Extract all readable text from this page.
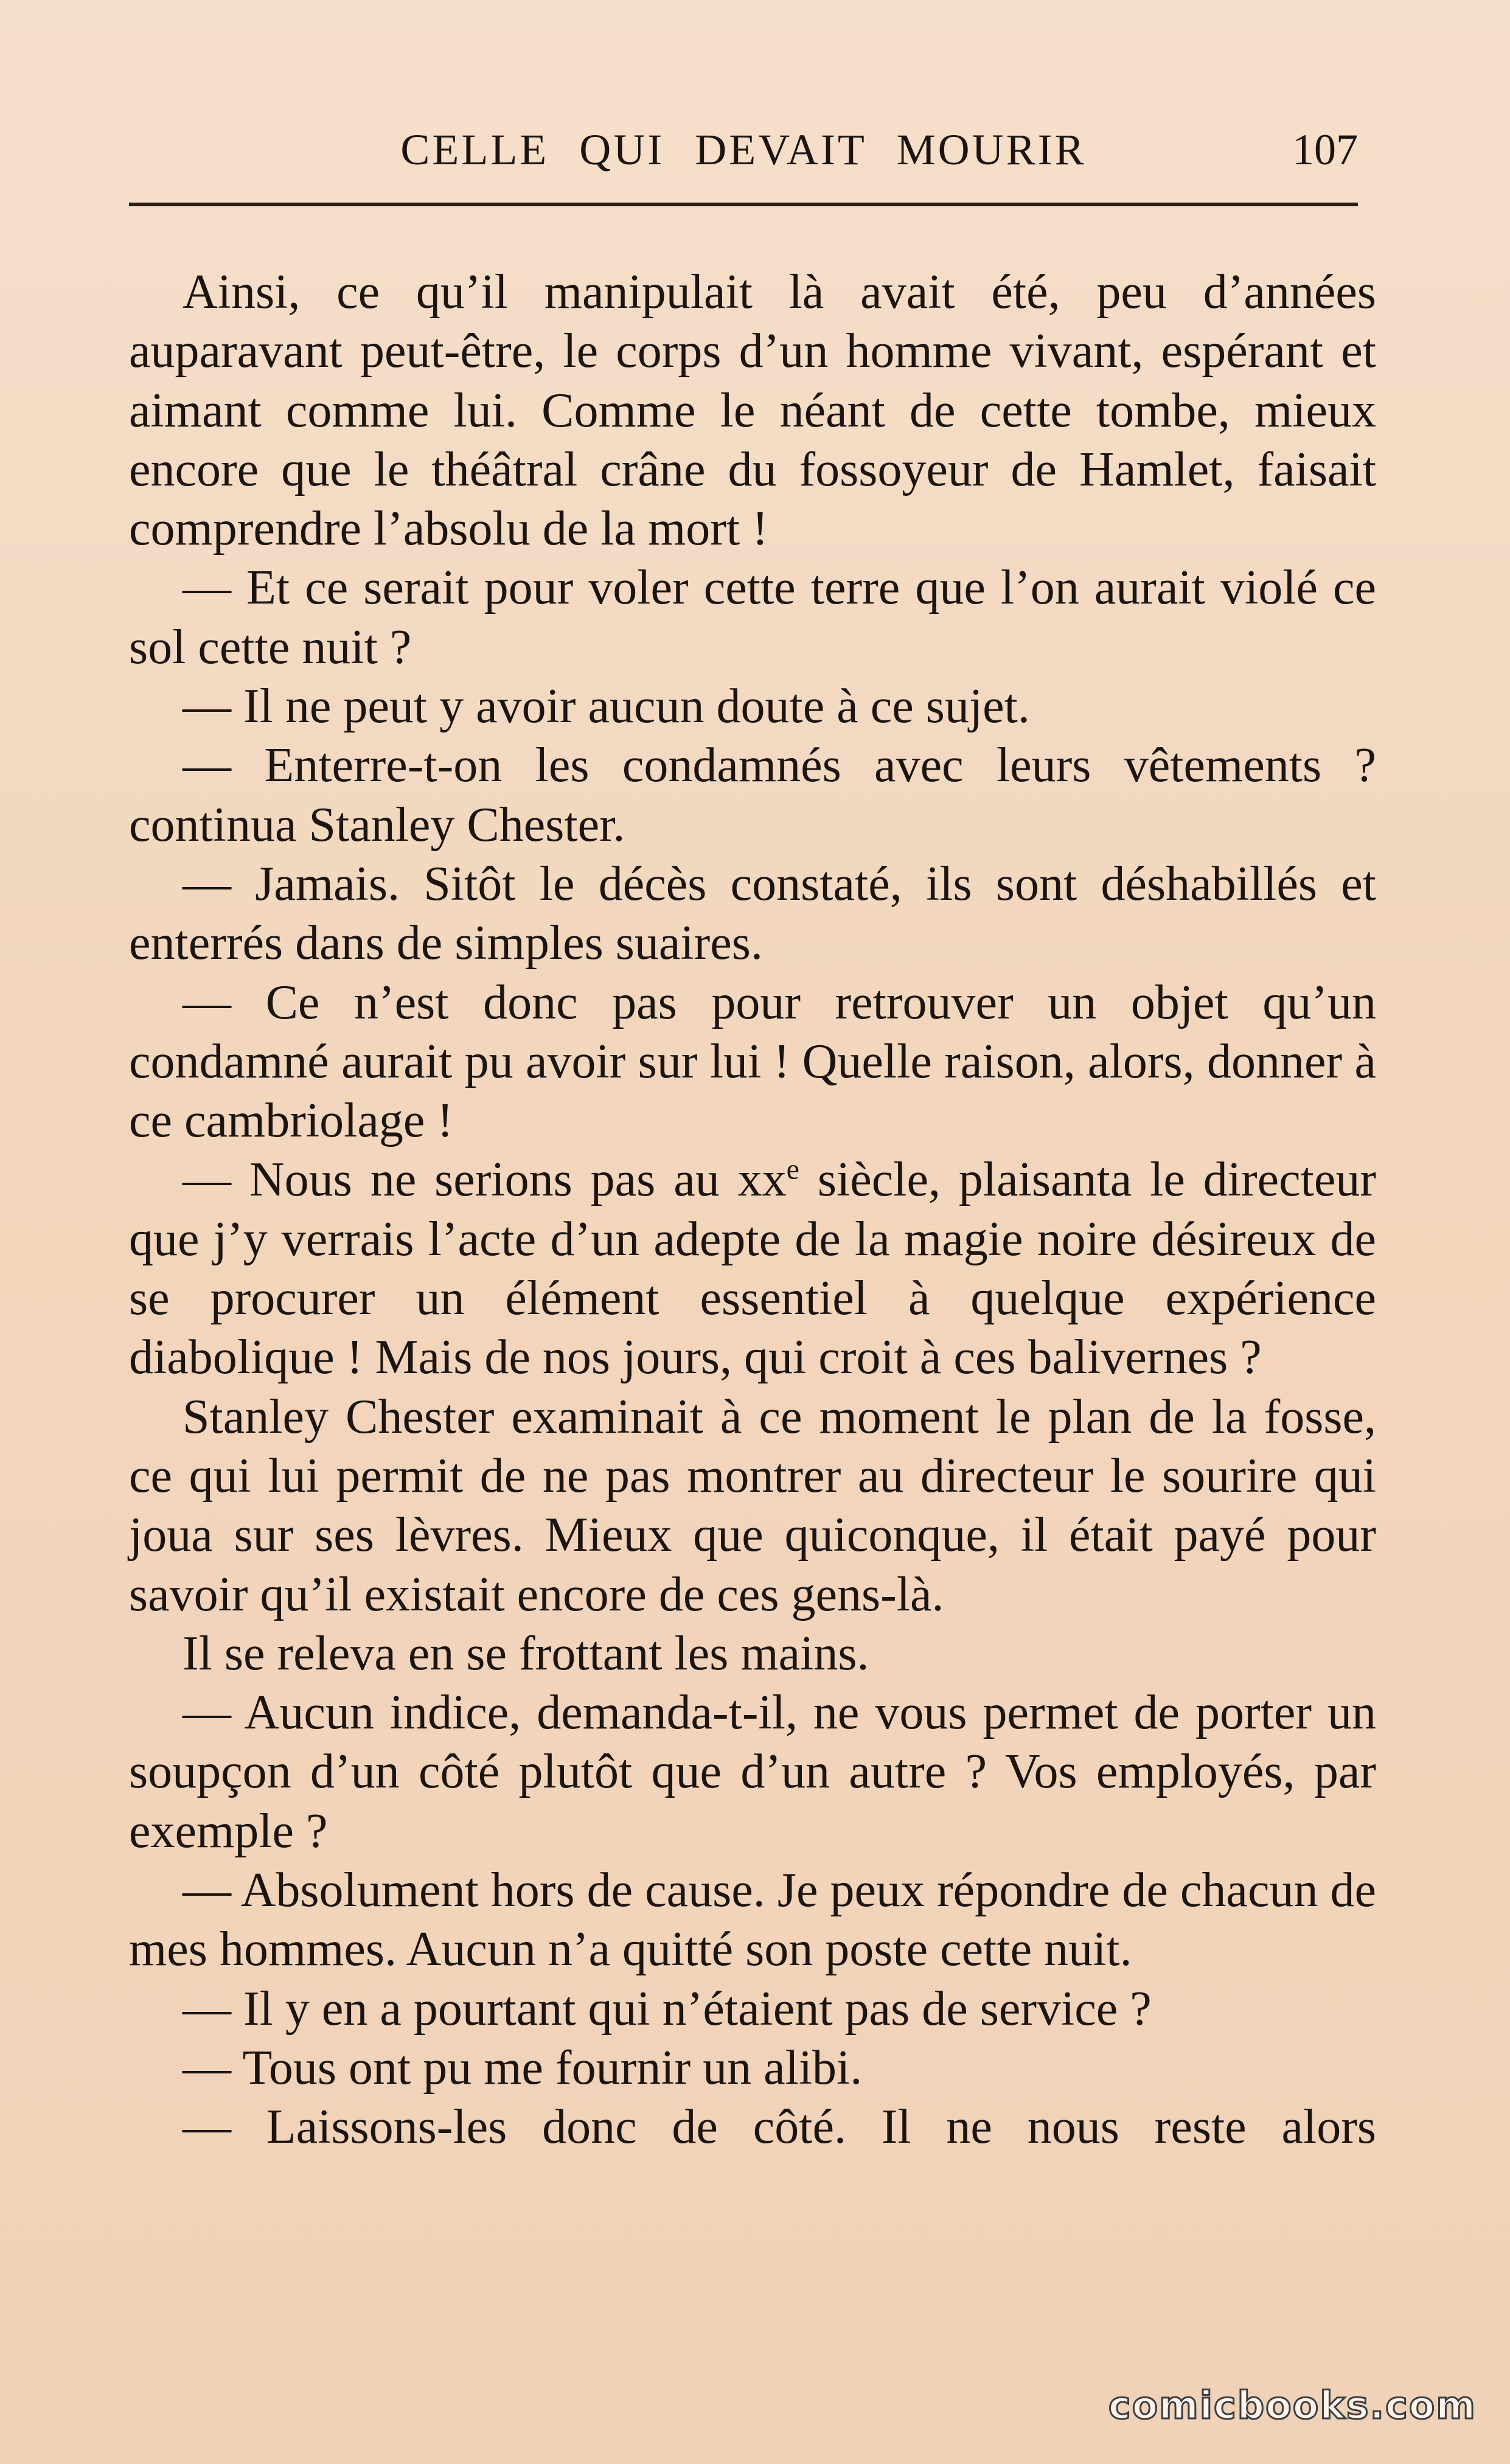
CELLE QUI DEVAIT MOURIR	107

Ainsi, ce qu’il manipulait là avait été, peu d’années auparavant peut-être, le corps d’un homme vivant, espérant et aimant comme lui. Comme le néant de cette tombe, mieux encore que le théâtral crâne du fossoyeur de Hamlet, faisait comprendre l’absolu de la mort !

— Et ce serait pour voler cette terre que l’on aurait violé ce sol cette nuit ?

— Il ne peut y avoir aucun doute à ce sujet.

— Enterre-t-on les condamnés avec leurs vêtements ? continua Stanley Chester.

— Jamais. Sitôt le décès constaté, ils sont déshabillés et enterrés dans de simples suaires.

— Ce n’est donc pas pour retrouver un objet qu’un condamné aurait pu avoir sur lui ! Quelle raison, alors, donner à ce cambriolage !

— Nous ne serions pas au $xx^e$ siècle, plaisanta le directeur que j’y verrais l’acte d’un adepte de la magie noire désireux de se procurer un élément essentiel à quelque expérience diabolique ! Mais de nos jours, qui croit à ces balivernes ?

Stanley Chester examinait à ce moment le plan de la fosse, ce qui lui permit de ne pas montrer au directeur le sourire qui joua sur ses lèvres. Mieux que quiconque, il était payé pour savoir qu’il existait encore de ces gens-là.

Il se releva en se frottant les mains.

— Aucun indice, demanda-t-il, ne vous permet de porter un soupçon d’un côté plutôt que d’un autre ? Vos employés, par exemple ?

— Absolument hors de cause. Je peux répondre de chacun de mes hommes. Aucun n’a quitté son poste cette nuit.

— Il y en a pourtant qui n’étaient pas de service ?

— Tous ont pu me fournir un alibi.

— Laissons-les donc de côté. Il ne nous reste alors

comicbooks.com
